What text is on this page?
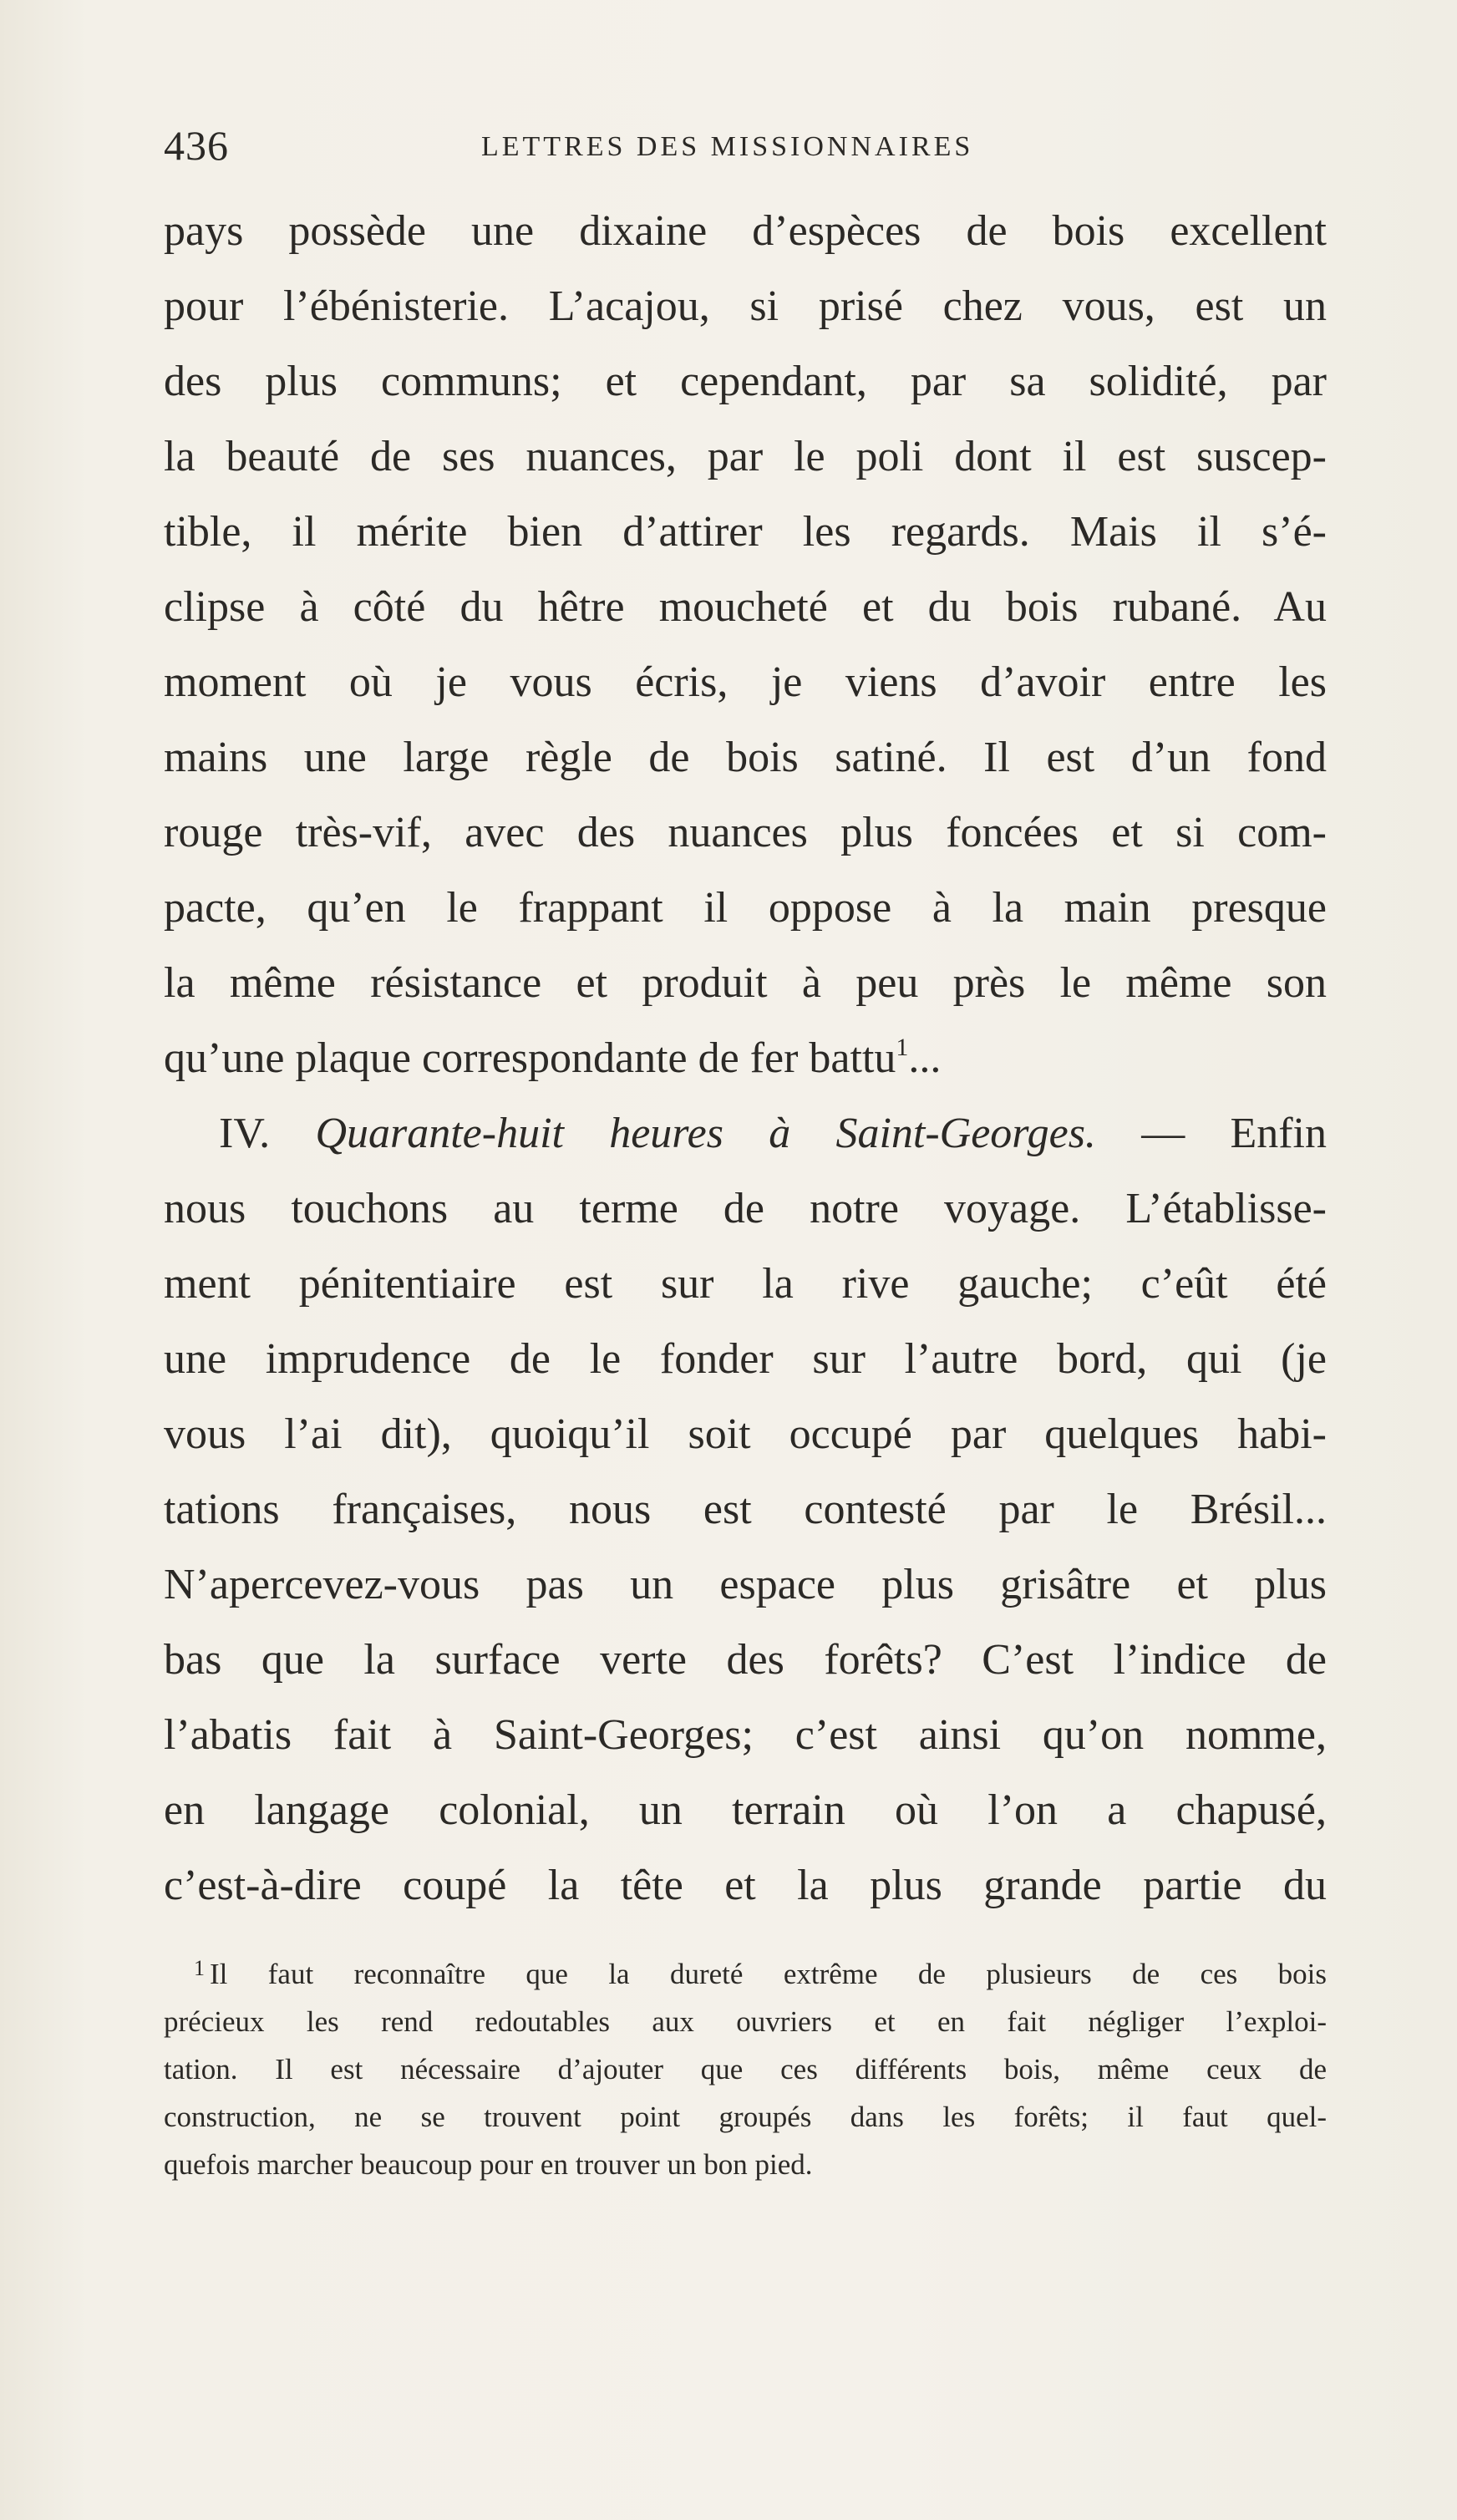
436	LETTRES DES MISSIONNAIRES
pays possède une dixaine d’espèces de bois excellent
pour l’ébénisterie. L’acajou, si prisé chez vous, est un
des plus communs; et cependant, par sa solidité, par
la beauté de ses nuances, par le poli dont il est suscep-
tible, il mérite bien d’attirer les regards. Mais il s’é-
clipse à côté du hêtre moucheté et du bois rubané. Au
moment où je vous écris, je viens d’avoir entre les
mains une large règle de bois satiné. Il est d’un fond
rouge très-vif, avec des nuances plus foncées et si com-
pacte, qu’en le frappant il oppose à la main presque
la même résistance et produit à peu près le même son
qu’une plaque correspondante de fer battu$^1$...
IV. Quarante-huit heures à Saint-Georges. — Enfin
nous touchons au terme de notre voyage. L’établisse-
ment pénitentiaire est sur la rive gauche; c’eût été
une imprudence de le fonder sur l’autre bord, qui (je
vous l’ai dit), quoiqu’il soit occupé par quelques habi-
tations françaises, nous est contesté par le Brésil...
N’apercevez-vous pas un espace plus grisâtre et plus
bas que la surface verte des forêts? C’est l’indice de
l’abatis fait à Saint-Georges; c’est ainsi qu’on nomme,
en langage colonial, un terrain où l’on a chapusé,
c’est-à-dire coupé la tête et la plus grande partie du
$^1$ Il faut reconnaître que la dureté extrême de plusieurs de ces bois
précieux les rend redoutables aux ouvriers et en fait négliger l’exploi-
tation. Il est nécessaire d’ajouter que ces différents bois, même ceux de
construction, ne se trouvent point groupés dans les forêts; il faut quel-
quefois marcher beaucoup pour en trouver un bon pied.
